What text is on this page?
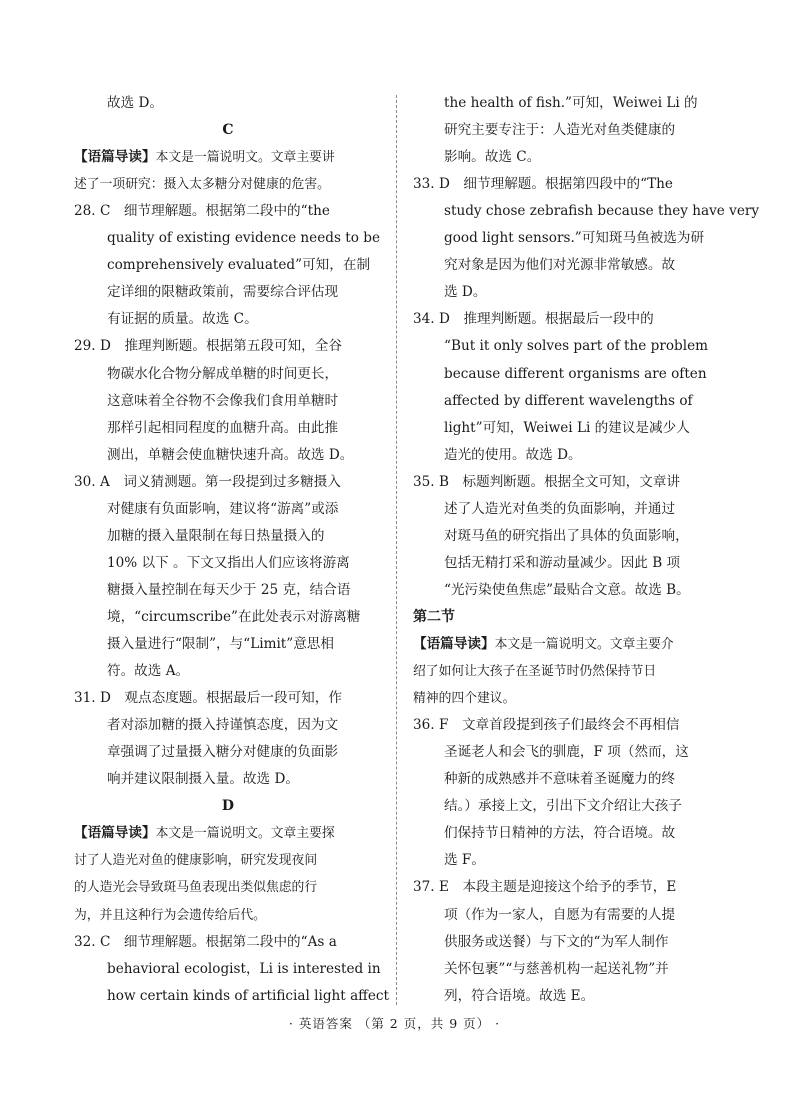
故选 D。
C
【语篇导读】本文是一篇说明文。文章主要讲
述了一项研究：摄入太多糖分对健康的危害。
28. C　细节理解题。根据第二段中的“the
quality of existing evidence needs to be
comprehensively evaluated”可知，在制
定详细的限糖政策前，需要综合评估现
有证据的质量。故选 C。
29. D　推理判断题。根据第五段可知，全谷
物碳水化合物分解成单糖的时间更长，
这意味着全谷物不会像我们食用单糖时
那样引起相同程度的血糖升高。由此推
测出，单糖会使血糖快速升高。故选 D。
30. A　词义猜测题。第一段提到过多糖摄入
对健康有负面影响，建议将“游离”或添
加糖的摄入量限制在每日热量摄入的
10% 以下 。下文又指出人们应该将游离
糖摄入量控制在每天少于 25 克，结合语
境，“circumscribe”在此处表示对游离糖
摄入量进行“限制”，与“Limit”意思相
符。故选 A。
31. D　观点态度题。根据最后一段可知，作
者对添加糖的摄入持谨慎态度，因为文
章强调了过量摄入糖分对健康的负面影
响并建议限制摄入量。故选 D。
D
【语篇导读】本文是一篇说明文。文章主要探
讨了人造光对鱼的健康影响，研究发现夜间
的人造光会导致斑马鱼表现出类似焦虑的行
为，并且这种行为会遗传给后代。
32. C　细节理解题。根据第二段中的“As a
behavioral ecologist，Li is interested in
how certain kinds of artificial light affect
the health of fish.”可知，Weiwei Li 的
研究主要专注于：人造光对鱼类健康的
影响。故选 C。
33. D　细节理解题。根据第四段中的“The
study chose zebrafish because they have very
good light sensors.”可知斑马鱼被选为研
究对象是因为他们对光源非常敏感。故
选 D。
34. D　推理判断题。根据最后一段中的
“But it only solves part of the problem
because different organisms are often
affected by different wavelengths of
light”可知，Weiwei Li 的建议是减少人
造光的使用。故选 D。
35. B　标题判断题。根据全文可知，文章讲
述了人造光对鱼类的负面影响，并通过
对斑马鱼的研究指出了具体的负面影响，
包括无精打采和游动量减少。因此 B 项
“光污染使鱼焦虑”最贴合文意。故选 B。
第二节
【语篇导读】本文是一篇说明文。文章主要介
绍了如何让大孩子在圣诞节时仍然保持节日
精神的四个建议。
36. F　文章首段提到孩子们最终会不再相信
圣诞老人和会飞的驯鹿，F 项（然而，这
种新的成熟感并不意味着圣诞魔力的终
结。）承接上文，引出下文介绍让大孩子
们保持节日精神的方法，符合语境。故
选 F。
37. E　本段主题是迎接这个给予的季节，E
项（作为一家人，自愿为有需要的人提
供服务或送餐）与下文的“为军人制作
关怀包裹”“与慈善机构一起送礼物”并
列，符合语境。故选 E。
· 英语答案 （第 2 页，共 9 页） ·
